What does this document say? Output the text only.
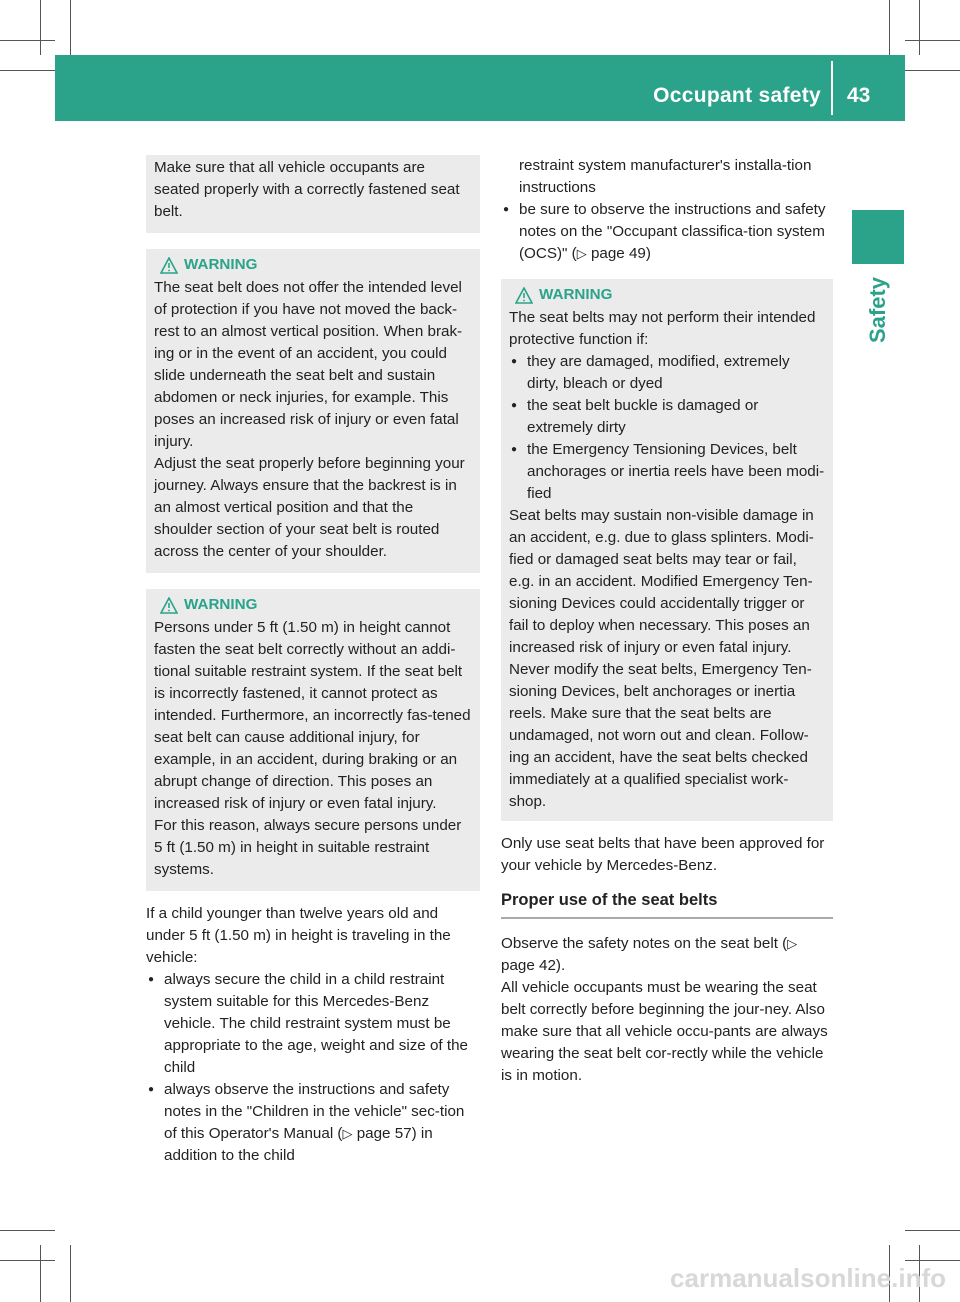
Occupant safety 43
Safety

Make sure that all vehicle occupants are seated properly with a correctly fastened seat belt.

WARNING

The seat belt does not offer the intended level of protection if you have not moved the back-rest to an almost vertical position. When brak-ing or in the event of an accident, you could slide underneath the seat belt and sustain abdomen or neck injuries, for example. This poses an increased risk of injury or even fatal injury.

Adjust the seat properly before beginning your journey. Always ensure that the backrest is in an almost vertical position and that the shoulder section of your seat belt is routed across the center of your shoulder.

WARNING

Persons under 5 ft (1.50 m) in height cannot fasten the seat belt correctly without an addi-tional suitable restraint system. If the seat belt is incorrectly fastened, it cannot protect as intended. Furthermore, an incorrectly fas-tened seat belt can cause additional injury, for example, in an accident, during braking or an abrupt change of direction. This poses an increased risk of injury or even fatal injury.

For this reason, always secure persons under 5 ft (1.50 m) in height in suitable restraint systems.

If a child younger than twelve years old and under 5 ft (1.50 m) in height is traveling in the vehicle:

● always secure the child in a child restraint system suitable for this Mercedes-Benz vehicle. The child restraint system must be appropriate to the age, weight and size of the child

● always observe the instructions and safety notes in the "Children in the vehicle" sec-tion of this Operator's Manual (▷ page 57) in addition to the child

restraint system manufacturer's installa-tion instructions

● be sure to observe the instructions and safety notes on the "Occupant classifica-tion system (OCS)" (▷ page 49)

WARNING

The seat belts may not perform their intended protective function if:

● they are damaged, modified, extremely dirty, bleach or dyed

● the seat belt buckle is damaged or extremely dirty

● the Emergency Tensioning Devices, belt anchorages or inertia reels have been modi-fied

Seat belts may sustain non-visible damage in an accident, e.g. due to glass splinters. Modi-fied or damaged seat belts may tear or fail, e.g. in an accident. Modified Emergency Ten-sioning Devices could accidentally trigger or fail to deploy when necessary. This poses an increased risk of injury or even fatal injury.

Never modify the seat belts, Emergency Ten-sioning Devices, belt anchorages or inertia reels. Make sure that the seat belts are undamaged, not worn out and clean. Follow-ing an accident, have the seat belts checked immediately at a qualified specialist work-shop.

Only use seat belts that have been approved for your vehicle by Mercedes-Benz.

Proper use of the seat belts

Observe the safety notes on the seat belt (▷ page 42).

All vehicle occupants must be wearing the seat belt correctly before beginning the jour-ney. Also make sure that all vehicle occu-pants are always wearing the seat belt cor-rectly while the vehicle is in motion.

carmanualsonline.info
